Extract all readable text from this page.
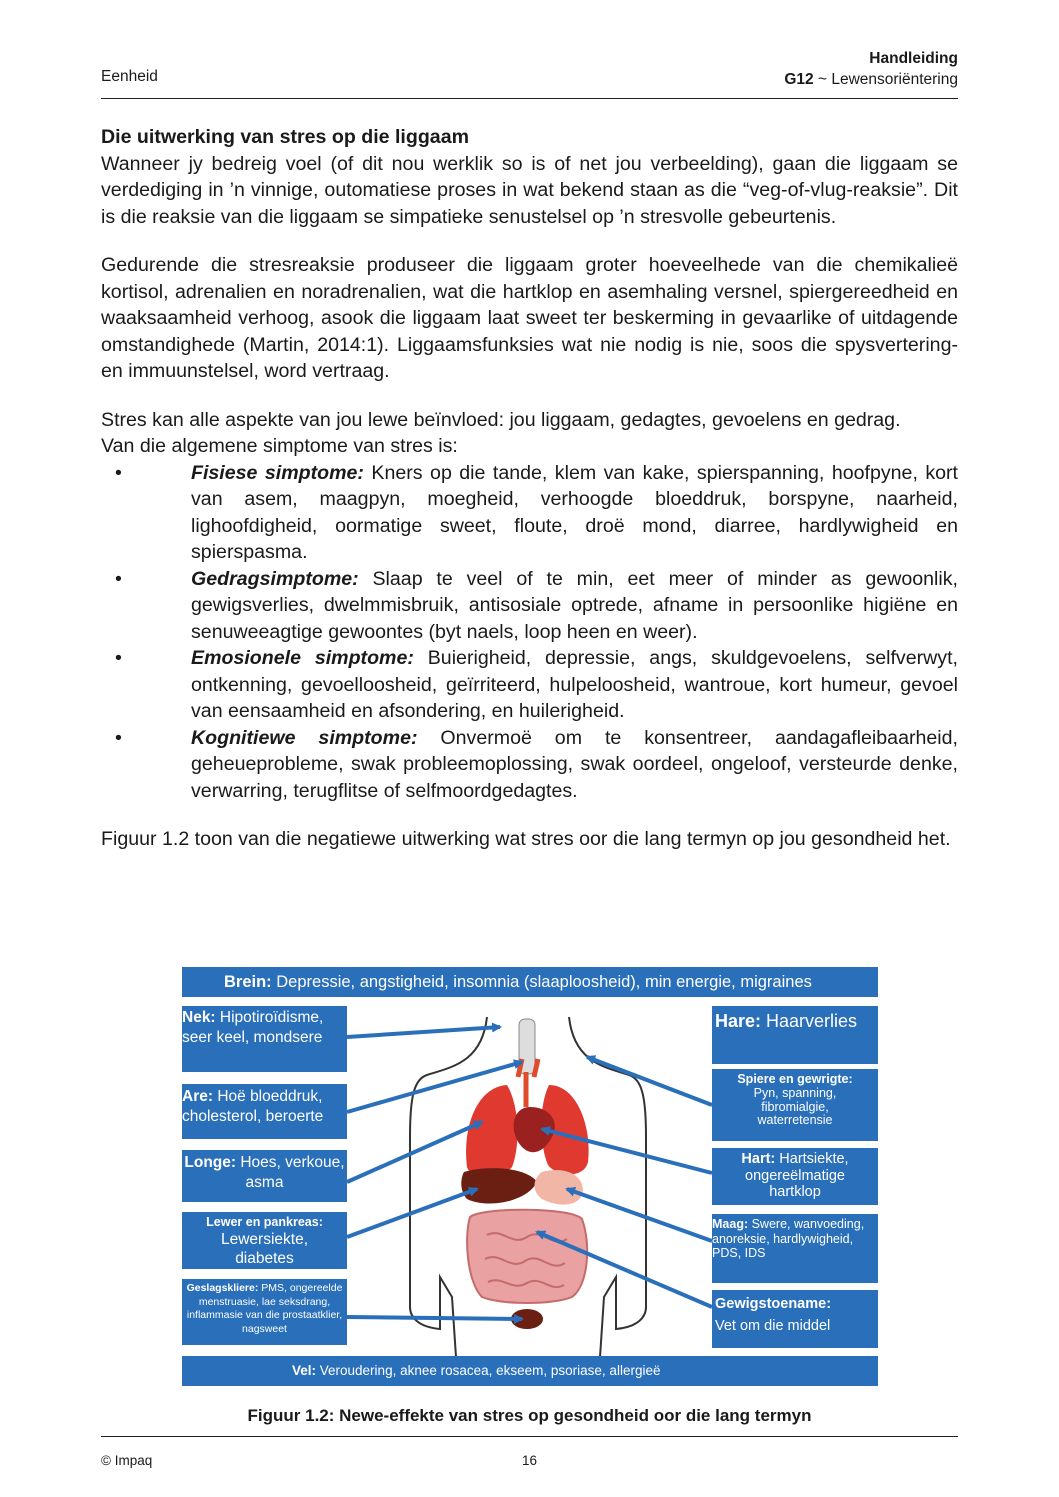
Eenheid
Handleiding
G12 ~ Lewensoriëntering
Die uitwerking van stres op die liggaam

Wanneer jy bedreig voel (of dit nou werklik so is of net jou verbeelding), gaan die liggaam se verdediging in ’n vinnige, outomatiese proses in wat bekend staan as die “veg-of-vlug-reaksie”. Dit is die reaksie van die liggaam se simpatieke senustelsel op ’n stresvolle gebeurtenis.

Gedurende die stresreaksie produseer die liggaam groter hoeveelhede van die chemikalieë kortisol, adrenalien en noradrenalien, wat die hartklop en asemhaling versnel, spiergereedheid en waaksaamheid verhoog, asook die liggaam laat sweet ter beskerming in gevaarlike of uitdagende omstandighede (Martin, 2014:1). Liggaamsfunksies wat nie nodig is nie, soos die spysvertering- en immuunstelsel, word vertraag.

Stres kan alle aspekte van jou lewe beïnvloed: jou liggaam, gedagtes, gevoelens en gedrag.

Van die algemene simptome van stres is:

•	Fisiese simptome: Kners op die tande, klem van kake, spierspanning, hoofpyne, kort van asem, maagpyn, moegheid, verhoogde bloeddruk, borspyne, naarheid, lighoofdigheid, oormatige sweet, floute, droë mond, diarree, hardlywigheid en spierspasma.
•	Gedragsimptome: Slaap te veel of te min, eet meer of minder as gewoonlik, gewigsverlies, dwelmmisbruik, antisosiale optrede, afname in persoonlike higiëne en senuweeagtige gewoontes (byt naels, loop heen en weer).
•	Emosionele simptome: Buierigheid, depressie, angs, skuldgevoelens, selfverwyt, ontkenning, gevoelloosheid, geïrriteerd, hulpeloosheid, wantroue, kort humeur, gevoel van eensaamheid en afsondering, en huilerigheid.
•	Kognitiewe simptome: Onvermoë om te konsentreer, aandagafleibaarheid, geheueprobleme, swak probleemoplossing, swak oordeel, ongeloof, versteurde denke, verwarring, terugflitse of selfmoordgedagtes.

Figuur 1.2 toon van die negatiewe uitwerking wat stres oor die lang termyn op jou gesondheid het.

Brein: Depressie, angstigheid, insomnia (slaaploosheid), min energie, migraines
Nek: Hipotiroïdisme, seer keel, mondsere
Are: Hoë bloeddruk, cholesterol, beroerte
Longe: Hoes, verkoue, asma
Lewer en pankreas:
Lewersiekte, diabetes
Geslagskliere: PMS, ongereelde menstruasie, lae seksdrang, inflammasie van die prostaatklier, nagsweet
Vel: Veroudering, aknee rosacea, ekseem, psoriase, allergieë
Hare: Haarverlies
Spiere en gewrigte:
Pyn, spanning, fibromialgie, waterretensie
Hart: Hartsiekte, ongereëlmatige hartklop
Maag: Swere, wanvoeding, anoreksie, hardlywigheid, PDS, IDS
Gewigstoename:
Vet om die middel
Figuur 1.2: Newe-effekte van stres op gesondheid oor die lang termyn
© Impaq	16
